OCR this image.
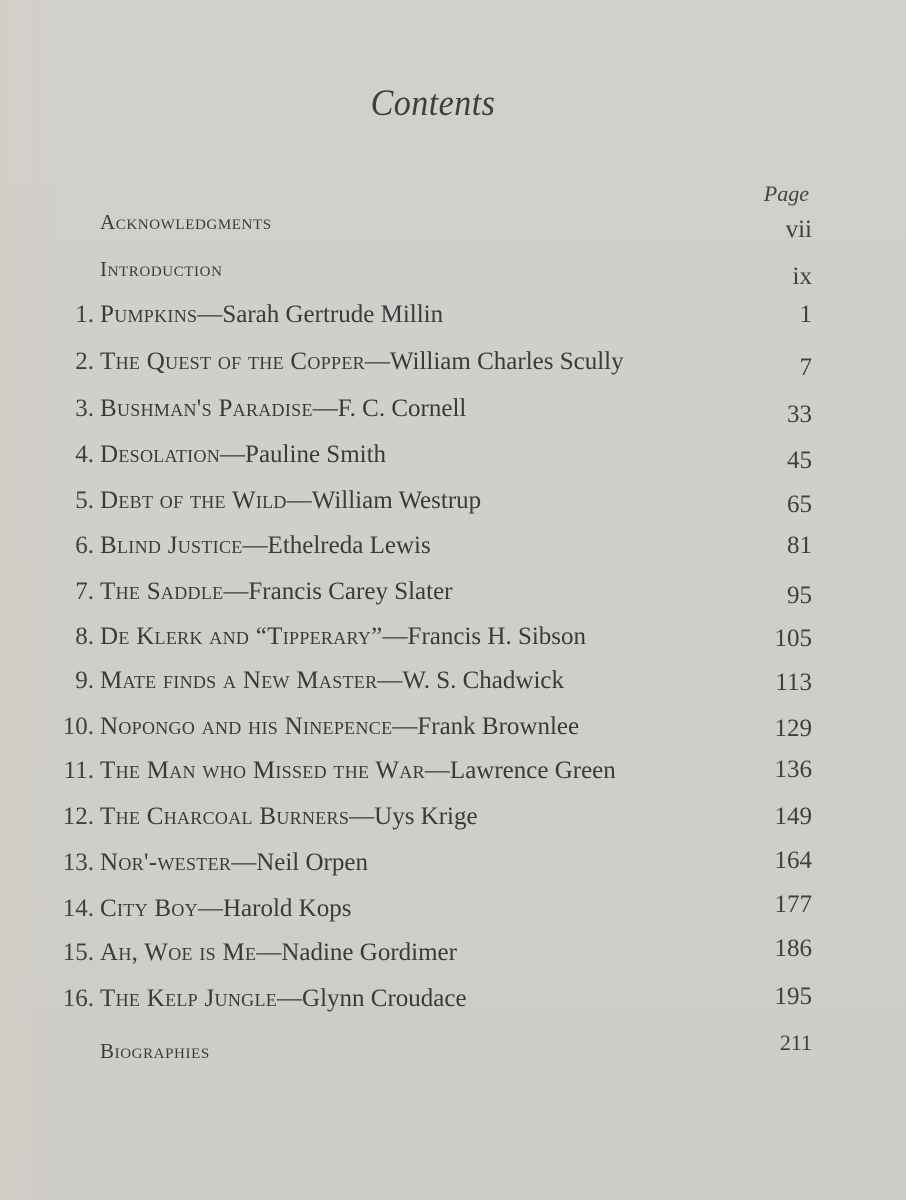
Contents
Page
Acknowledgments	vii
Introduction	ix
1. Pumpkins—Sarah Gertrude Millin	1
2. The Quest of the Copper—William Charles Scully	7
3. Bushman's Paradise—F. C. Cornell	33
4. Desolation—Pauline Smith	45
5. Debt of the Wild—William Westrup	65
6. Blind Justice—Ethelreda Lewis	81
7. The Saddle—Francis Carey Slater	95
8. De Klerk and “Tipperary”—Francis H. Sibson	105
9. Mate finds a New Master—W. S. Chadwick	113
10. Nopongo and his Ninepence—Frank Brownlee	129
11. The Man who Missed the War—Lawrence Green	136
12. The Charcoal Burners—Uys Krige	149
13. Nor'-wester—Neil Orpen	164
14. City Boy—Harold Kops	177
15. Ah, Woe is Me—Nadine Gordimer	186
16. The Kelp Jungle—Glynn Croudace	195
Biographies	211
